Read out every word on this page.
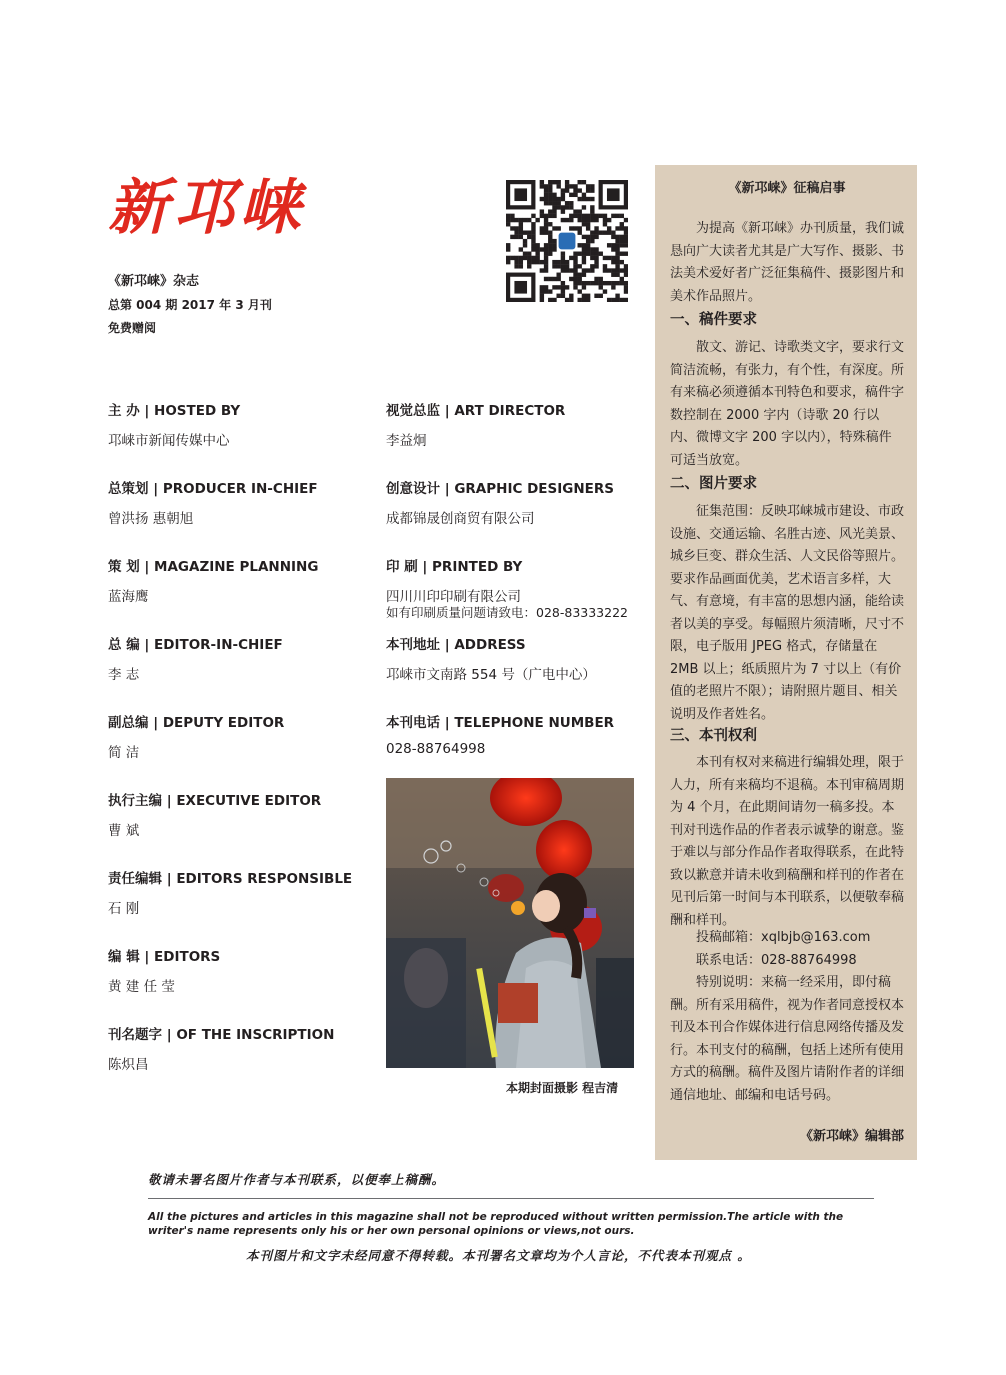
新邛崃
《新邛崃》杂志
总第 004 期 2017 年 3 月刊
免费赠阅
主 办 | HOSTED BY
邛崃市新闻传媒中心
总策划 | PRODUCER IN-CHIEF
曾洪扬 惠朝旭
策 划 | MAGAZINE PLANNING
蓝海鹰
总 编 | EDITOR-IN-CHIEF
李 志
副总编 | DEPUTY EDITOR
简 洁
执行主编 | EXECUTIVE EDITOR
曹 斌
责任编辑 | EDITORS RESPONSIBLE
石 刚
编 辑 | EDITORS
黄 建 任 莹
刊名题字 | OF THE INSCRIPTION
陈炽昌
视觉总监 | ART DIRECTOR
李益炯
创意设计 | GRAPHIC DESIGNERS
成都锦晟创商贸有限公司
印 刷 | PRINTED BY
四川川印印刷有限公司
如有印刷质量问题请致电：028-83333222
本刊地址 | ADDRESS
邛崃市文南路 554 号（广电中心）
本刊电话 | TELEPHONE NUMBER
028-88764998
本期封面摄影 程吉清
《新邛崃》征稿启事
为提高《新邛崃》办刊质量，我们诚恳向广大读者尤其是广大写作、摄影、书法美术爱好者广泛征集稿件、摄影图片和美术作品照片。
一、稿件要求
散文、游记、诗歌类文字，要求行文简洁流畅，有张力，有个性，有深度。所有来稿必须遵循本刊特色和要求，稿件字数控制在 2000 字内（诗歌 20 行以内、微博文字 200 字以内），特殊稿件可适当放宽。
二、图片要求
征集范围：反映邛崃城市建设、市政设施、交通运输、名胜古迹、风光美景、城乡巨变、群众生活、人文民俗等照片。要求作品画面优美，艺术语言多样，大气、有意境，有丰富的思想内涵，能给读者以美的享受。每幅照片须清晰，尺寸不限，电子版用 JPEG 格式，存储量在 2MB 以上；纸质照片为 7 寸以上（有价值的老照片不限）；请附照片题目、相关说明及作者姓名。
三、本刊权利
本刊有权对来稿进行编辑处理，限于人力，所有来稿均不退稿。本刊审稿周期为 4 个月，在此期间请勿一稿多投。本刊对刊选作品的作者表示诚挚的谢意。鉴于难以与部分作品作者取得联系，在此特致以歉意并请未收到稿酬和样刊的作者在见刊后第一时间与本刊联系，以便敬奉稿酬和样刊。
投稿邮箱：xqlbjb@163.com
联系电话：028-88764998
特别说明：来稿一经采用，即付稿酬。所有采用稿件，视为作者同意授权本刊及本刊合作媒体进行信息网络传播及发行。本刊支付的稿酬，包括上述所有使用方式的稿酬。稿件及图片请附作者的详细通信地址、邮编和电话号码。
《新邛崃》编辑部
敬请未署名图片作者与本刊联系，以便奉上稿酬。
All the pictures and articles in this magazine shall not be reproduced without written permission.The article with the writer's name represents only his or her own personal opinions or views,not ours.
本刊图片和文字未经同意不得转载。本刊署名文章均为个人言论，不代表本刊观点 。
